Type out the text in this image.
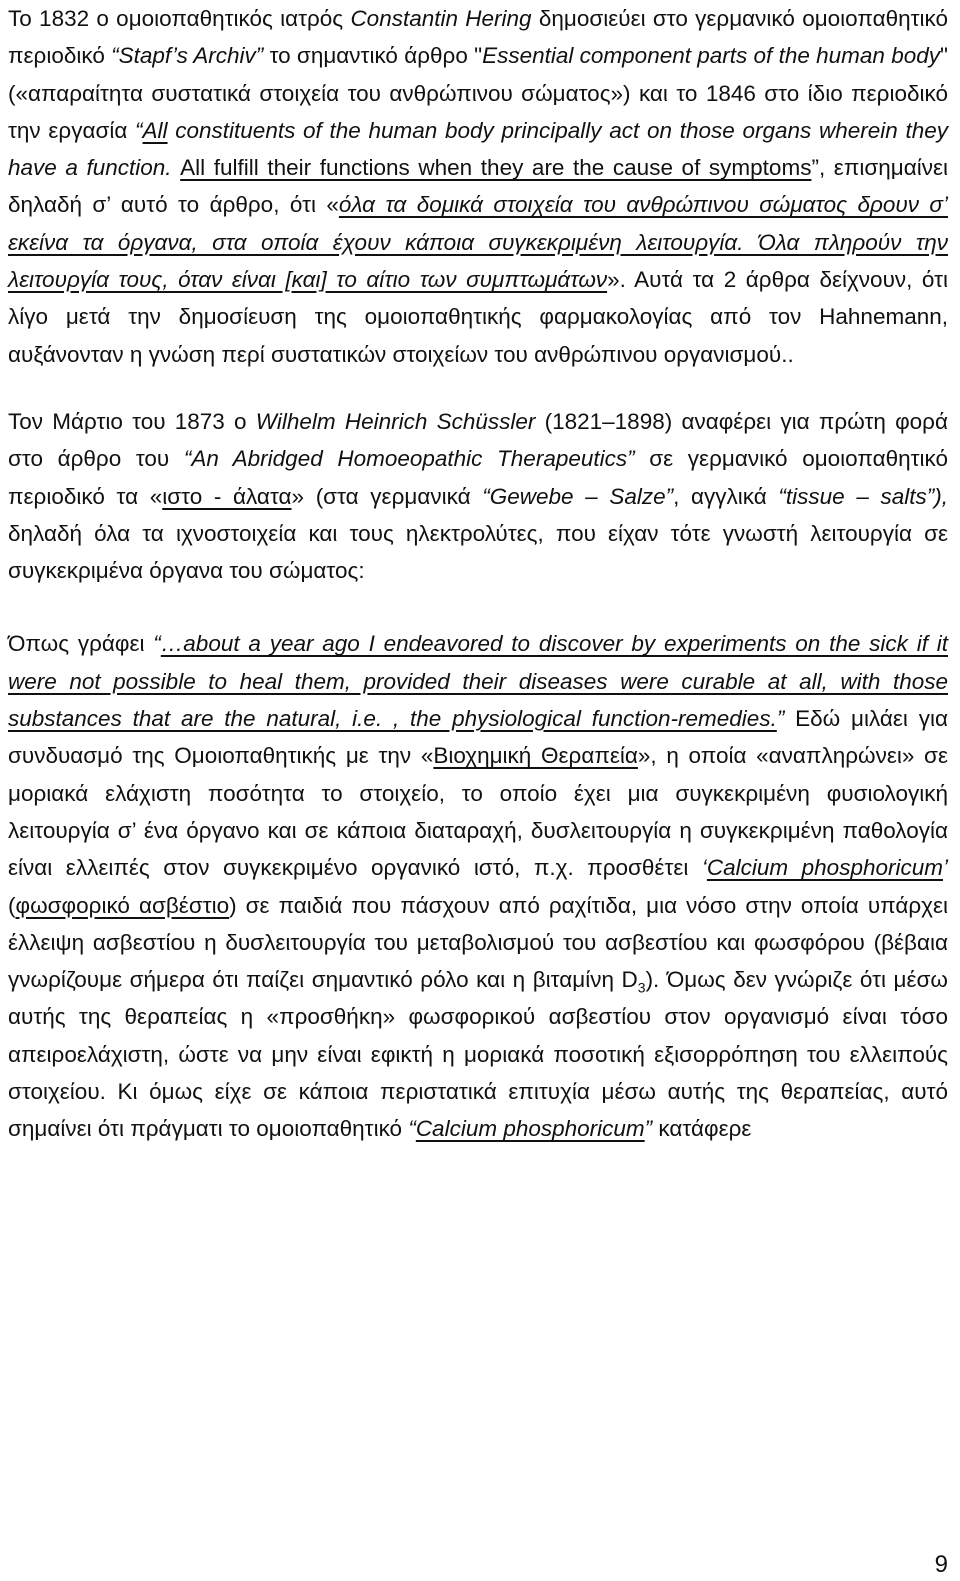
Το 1832 ο ομοιοπαθητικός ιατρός Constantin Hering δημοσιεύει στο γερμανικό ομοιοπαθητικό περιοδικό “Stapf’s Archiv” το σημαντικό άρθρο "Essential component parts of the human body" («απαραίτητα συστατικά στοιχεία του ανθρώπινου σώματος») και το 1846 στο ίδιο περιοδικό την εργασία “All constituents of the human body principally act on those organs wherein they have a function. All fulfill their functions when they are the cause of symptoms”, επισημαίνει δηλαδή σ’ αυτό το άρθρο, ότι «όλα τα δομικά στοιχεία του ανθρώπινου σώματος δρουν σ’ εκείνα τα όργανα, στα οποία έχουν κάποια συγκεκριμένη λειτουργία. Όλα πληρούν την λειτουργία τους, όταν είναι [και] το αίτιο των συμπτωμάτων». Αυτά τα 2 άρθρα δείχνουν, ότι λίγο μετά την δημοσίευση της ομοιοπαθητικής φαρμακολογίας από τον Hahnemann, αυξάνονταν η γνώση περί συστατικών στοιχείων του ανθρώπινου οργανισμού..

Τον Μάρτιο του 1873 ο Wilhelm Heinrich Schüssler (1821–1898) αναφέρει για πρώτη φορά στο άρθρο του “An Abridged Homoeopathic Therapeutics” σε γερμανικό ομοιοπαθητικό περιοδικό τα «ιστο - άλατα» (στα γερμανικά “Gewebe – Salze”, αγγλικά “tissue – salts”), δηλαδή όλα τα ιχνοστοιχεία και τους ηλεκτρολύτες, που είχαν τότε γνωστή λειτουργία σε συγκεκριμένα όργανα του σώματος:

Όπως γράφει “…about a year ago I endeavored to discover by experiments on the sick if it were not possible to heal them, provided their diseases were curable at all, with those substances that are the natural, i.e. , the physiological function-remedies.” Εδώ μιλάει για συνδυασμό της Ομοιοπαθητικής με την «Βιοχημική Θεραπεία», η οποία «αναπληρώνει» σε μοριακά ελάχιστη ποσότητα το στοιχείο, το οποίο έχει μια συγκεκριμένη φυσιολογική λειτουργία σ’ ένα όργανο και σε κάποια διαταραχή, δυσλειτουργία η συγκεκριμένη παθολογία είναι ελλειπές στον συγκεκριμένο οργανικό ιστό, π.χ. προσθέτει ‘Calcium phosphoricum’ (φωσφορικό ασβέστιο) σε παιδιά που πάσχουν από ραχίτιδα, μια νόσο στην οποία υπάρχει έλλειψη ασβεστίου η δυσλειτουργία του μεταβολισμού του ασβεστίου και φωσφόρου (βέβαια γνωρίζουμε σήμερα ότι παίζει σημαντικό ρόλο και η βιταμίνη $D_3$). Όμως δεν γνώριζε ότι μέσω αυτής της θεραπείας η «προσθήκη» φωσφορικού ασβεστίου στον οργανισμό είναι τόσο απειροελάχιστη, ώστε να μην είναι εφικτή η μοριακά ποσοτική εξισορρόπηση του ελλειπούς στοιχείου. Κι όμως είχε σε κάποια περιστατικά επιτυχία μέσω αυτής της θεραπείας, αυτό σημαίνει ότι πράγματι το ομοιοπαθητικό “Calcium phosphoricum” κατάφερε

9
